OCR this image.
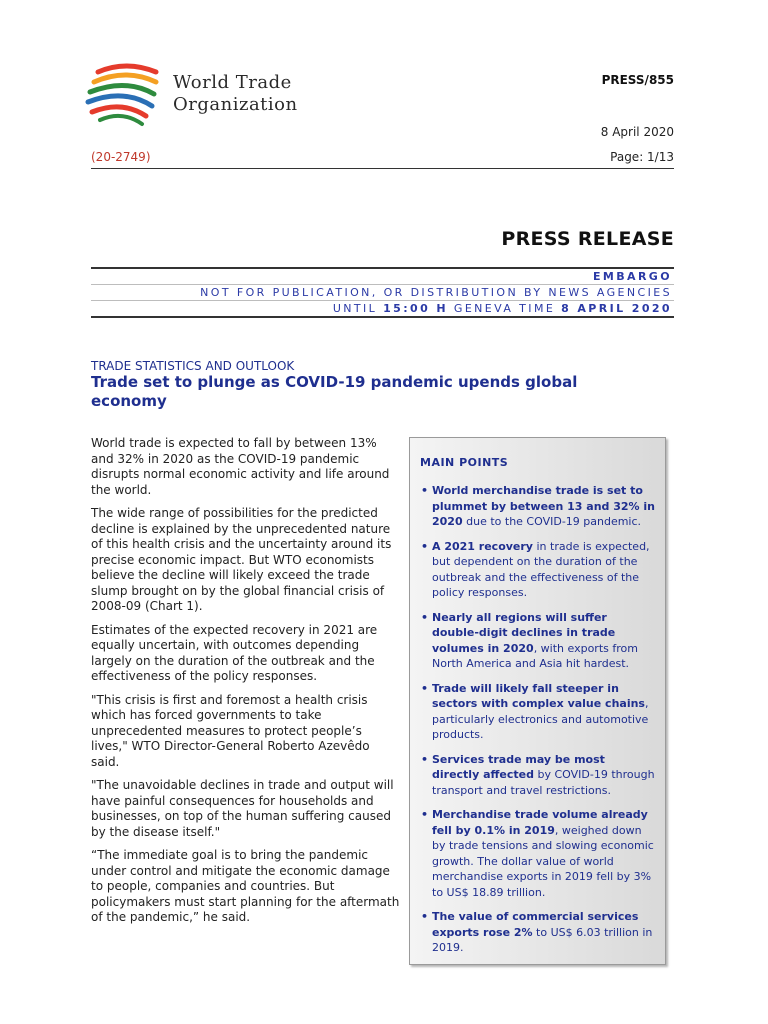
World Trade
Organization
PRESS/855
8 April 2020
(20-2749)	Page: 1/13
PRESS RELEASE
EMBARGO
NOT FOR PUBLICATION, OR DISTRIBUTION BY NEWS AGENCIES
UNTIL 15:00 H GENEVA TIME 8 APRIL 2020
TRADE STATISTICS AND OUTLOOK
Trade set to plunge as COVID-19 pandemic upends global economy

World trade is expected to fall by between 13% and 32% in 2020 as the COVID-19 pandemic disrupts normal economic activity and life around the world.

The wide range of possibilities for the predicted decline is explained by the unprecedented nature of this health crisis and the uncertainty around its precise economic impact. But WTO economists believe the decline will likely exceed the trade slump brought on by the global financial crisis of 2008-09 (Chart 1).

Estimates of the expected recovery in 2021 are equally uncertain, with outcomes depending largely on the duration of the outbreak and the effectiveness of the policy responses.

"This crisis is first and foremost a health crisis which has forced governments to take unprecedented measures to protect people’s lives," WTO Director-General Roberto Azevêdo said.

"The unavoidable declines in trade and output will have painful consequences for households and businesses, on top of the human suffering caused by the disease itself."

“The immediate goal is to bring the pandemic under control and mitigate the economic damage to people, companies and countries. But policymakers must start planning for the aftermath of the pandemic,” he said.

MAIN POINTS
• World merchandise trade is set to plummet by between 13 and 32% in 2020 due to the COVID-19 pandemic.
• A 2021 recovery in trade is expected, but dependent on the duration of the outbreak and the effectiveness of the policy responses.
• Nearly all regions will suffer double-digit declines in trade volumes in 2020, with exports from North America and Asia hit hardest.
• Trade will likely fall steeper in sectors with complex value chains, particularly electronics and automotive products.
• Services trade may be most directly affected by COVID-19 through transport and travel restrictions.
• Merchandise trade volume already fell by 0.1% in 2019, weighed down by trade tensions and slowing economic growth. The dollar value of world merchandise exports in 2019 fell by 3% to US$ 18.89 trillion.
• The value of commercial services exports rose 2% to US$ 6.03 trillion in 2019.
